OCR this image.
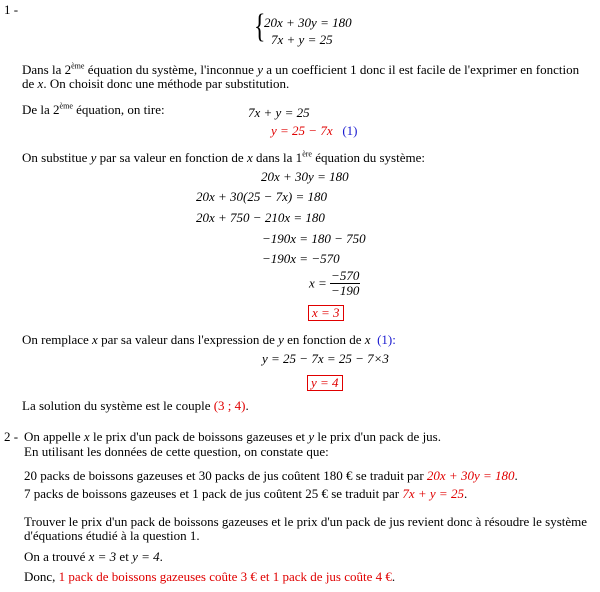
1 -	{
20x + 30y = 180
7x + y = 25
Dans la 2ème équation du système, l'inconnue y a un coefficient 1 donc il est facile de l'exprimer en fonction
de x. On choisit donc une méthode par substitution.
De la 2ème équation, on tire:	7x + y = 25
y = 25 − 7x (1)
On substitue y par sa valeur en fonction de x dans la 1ère équation du système:
20x + 30y = 180
20x + 30(25 − 7x) = 180
20x + 750 − 210x = 180
−190x = 180 − 750
−190x = −570
$x = \frac{-570}{-190}$
x = 3
On remplace x par sa valeur dans l'expression de y en fonction de x (1):
y = 25 − 7x = 25 − 7×3
y = 4
La solution du système est le couple (3 ; 4).
2 - On appelle x le prix d'un pack de boissons gazeuses et y le prix d'un pack de jus.
En utilisant les données de cette question, on constate que:
20 packs de boissons gazeuses et 30 packs de jus coûtent 180 € se traduit par 20x + 30y = 180.
7 packs de boissons gazeuses et 1 pack de jus coûtent 25 € se traduit par 7x + y = 25.
Trouver le prix d'un pack de boissons gazeuses et le prix d'un pack de jus revient donc à résoudre le système
d'équations étudié à la question 1.
On a trouvé x = 3 et y = 4.
Donc, 1 pack de boissons gazeuses coûte 3 € et 1 pack de jus coûte 4 €.
